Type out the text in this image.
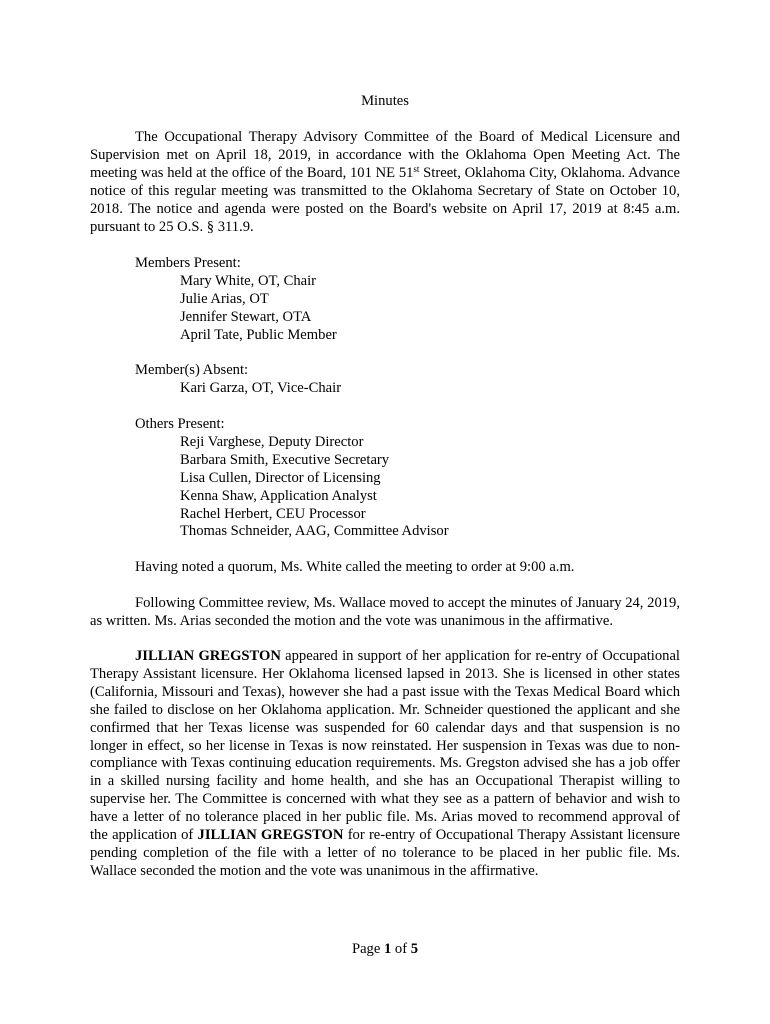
Minutes

The Occupational Therapy Advisory Committee of the Board of Medical Licensure and Supervision met on April 18, 2019, in accordance with the Oklahoma Open Meeting Act. The meeting was held at the office of the Board, 101 NE 51st Street, Oklahoma City, Oklahoma. Advance notice of this regular meeting was transmitted to the Oklahoma Secretary of State on October 10, 2018. The notice and agenda were posted on the Board's website on April 17, 2019 at 8:45 a.m. pursuant to 25 O.S. § 311.9.

Members Present:
Mary White, OT, Chair
Julie Arias, OT
Jennifer Stewart, OTA
April Tate, Public Member
Member(s) Absent:
Kari Garza, OT, Vice-Chair
Others Present:
Reji Varghese, Deputy Director
Barbara Smith, Executive Secretary
Lisa Cullen, Director of Licensing
Kenna Shaw, Application Analyst
Rachel Herbert, CEU Processor
Thomas Schneider, AAG, Committee Advisor
Having noted a quorum, Ms. White called the meeting to order at 9:00 a.m.

Following Committee review, Ms. Wallace moved to accept the minutes of January 24, 2019, as written. Ms. Arias seconded the motion and the vote was unanimous in the affirmative.

JILLIAN GREGSTON appeared in support of her application for re-entry of Occupational Therapy Assistant licensure. Her Oklahoma licensed lapsed in 2013. She is licensed in other states (California, Missouri and Texas), however she had a past issue with the Texas Medical Board which she failed to disclose on her Oklahoma application. Mr. Schneider questioned the applicant and she confirmed that her Texas license was suspended for 60 calendar days and that suspension is no longer in effect, so her license in Texas is now reinstated. Her suspension in Texas was due to non-compliance with Texas continuing education requirements. Ms. Gregston advised she has a job offer in a skilled nursing facility and home health, and she has an Occupational Therapist willing to supervise her. The Committee is concerned with what they see as a pattern of behavior and wish to have a letter of no tolerance placed in her public file. Ms. Arias moved to recommend approval of the application of JILLIAN GREGSTON for re-entry of Occupational Therapy Assistant licensure pending completion of the file with a letter of no tolerance to be placed in her public file. Ms. Wallace seconded the motion and the vote was unanimous in the affirmative.

Page 1 of 5
